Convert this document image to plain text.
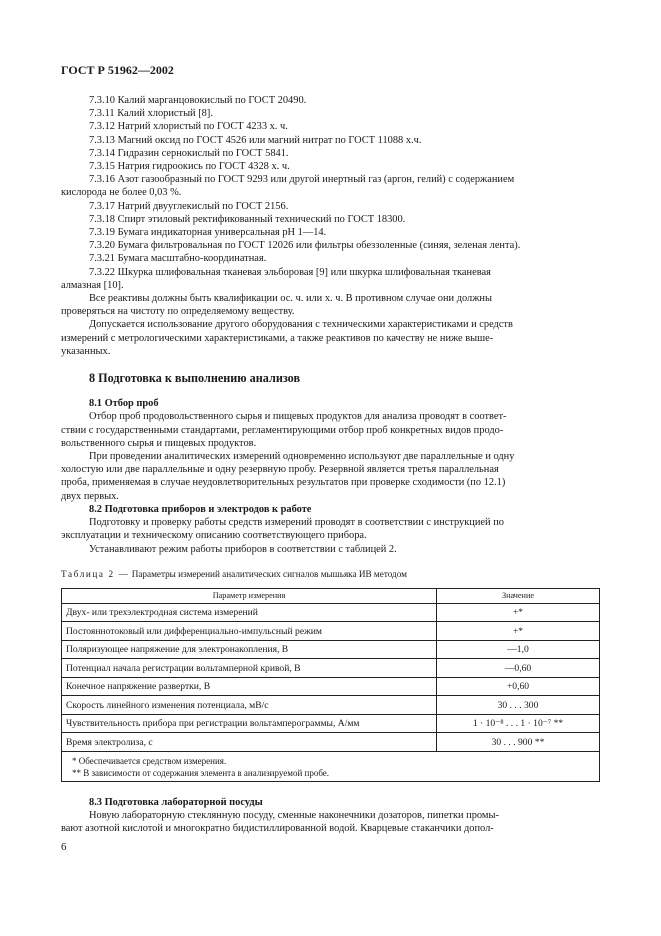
ГОСТ Р 51962—2002
7.3.10 Калий марганцовокислый по ГОСТ 20490.
7.3.11 Калий хлористый [8].
7.3.12 Натрий хлористый по ГОСТ 4233 х. ч.
7.3.13 Магний оксид по ГОСТ 4526 или магний нитрат по ГОСТ 11088 х.ч.
7.3.14 Гидразин сернокислый по ГОСТ 5841.
7.3.15 Натрия гидроокись по ГОСТ 4328 х. ч.
7.3.16 Азот газообразный по ГОСТ 9293 или другой инертный газ (аргон, гелий) с содержанием
кислорода не более 0,03 %.
7.3.17 Натрий двууглекислый по ГОСТ 2156.
7.3.18 Спирт этиловый ректификованный технический по ГОСТ 18300.
7.3.19 Бумага индикаторная универсальная pH 1—14.
7.3.20 Бумага фильтровальная по ГОСТ 12026 или фильтры обеззоленные (синяя, зеленая лента).
7.3.21 Бумага масштабно-координатная.
7.3.22 Шкурка шлифовальная тканевая эльборовая [9] или шкурка шлифовальная тканевая
алмазная [10].
Все реактивы должны быть квалификации ос. ч. или х. ч. В противном случае они должны
проверяться на чистоту по определяемому веществу.
Допускается использование другого оборудования с техническими характеристиками и средств
измерений с метрологическими характеристиками, а также реактивов по качеству не ниже выше-
указанных.
8 Подготовка к выполнению анализов
8.1 Отбор проб
Отбор проб продовольственного сырья и пищевых продуктов для анализа проводят в соответ-
ствии с государственными стандартами, регламентирующими отбор проб конкретных видов продо-
вольственного сырья и пищевых продуктов.
При проведении аналитических измерений одновременно используют две параллельные и одну
холостую или две параллельные и одну резервную пробу. Резервной является третья параллельная
проба, применяемая в случае неудовлетворительных результатов при проверке сходимости (по 12.1)
двух первых.
8.2 Подготовка приборов и электродов к работе
Подготовку и проверку работы средств измерений проводят в соответствии с инструкцией по
эксплуатации и техническому описанию соответствующего прибора.
Устанавливают режим работы приборов в соответствии с таблицей 2.
Таблица 2 — Параметры измерений аналитических сигналов мышьяка ИВ методом
Параметр измерения	Значение
Двух- или трехэлектродная система измерений	+*
Постояннотоковый или дифференциально-импульсный режим	+*
Поляризующее напряжение для электронакопления, В	—1,0
Потенциал начала регистрации вольтамперной кривой, В	—0,60
Конечное напряжение развертки, В	+0,60
Скорость линейного изменения потенциала, мВ/с	30 . . . 300
Чувствительность прибора при регистрации вольтамперограммы, А/мм	1 · 10⁻⁸ . . . 1 · 10⁻⁷ **
Время электролиза, с	30 . . . 900 **

* Обеспечивается средством измерения.
** В зависимости от содержания элемента в анализируемой пробе.	
8.3 Подготовка лабораторной посуды
Новую лабораторную стеклянную посуду, сменные наконечники дозаторов, пипетки промы-
вают азотной кислотой и многократно бидистиллированной водой. Кварцевые стаканчики допол-
6
